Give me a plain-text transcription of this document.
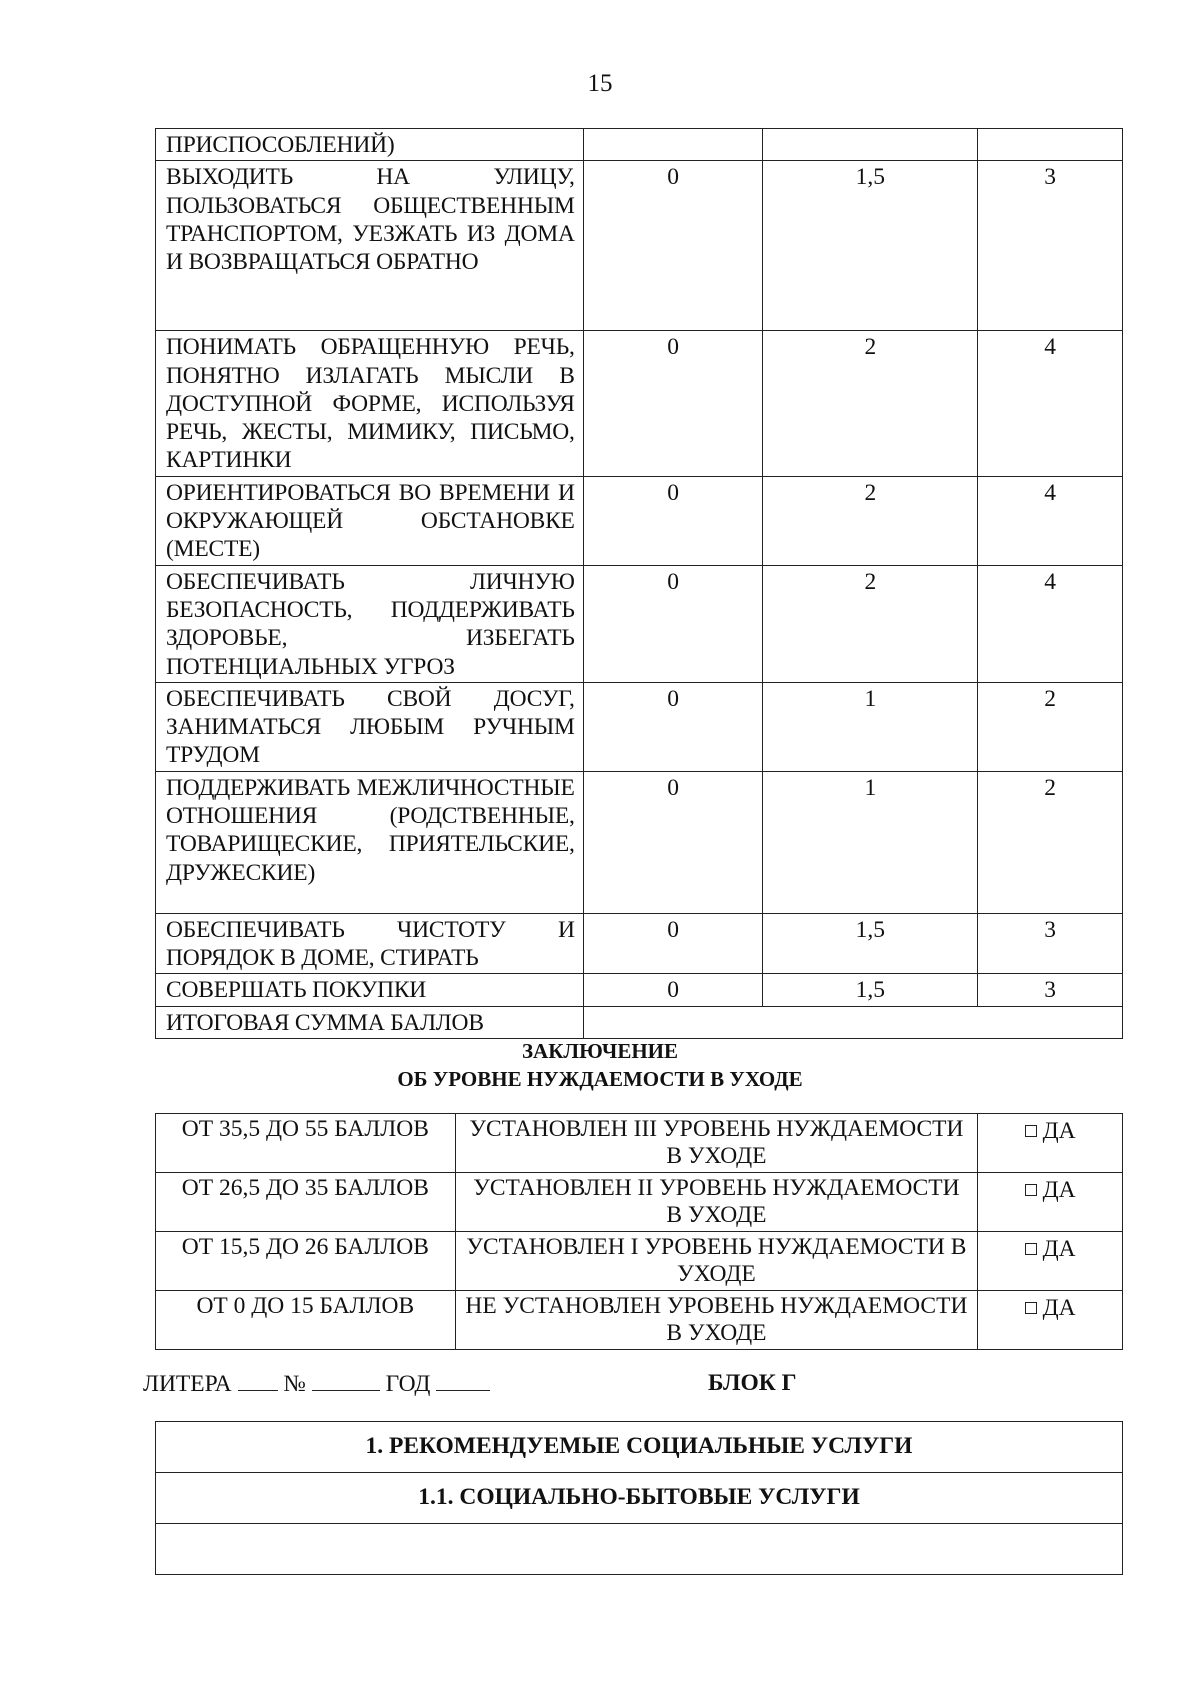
15
ПРИСПОСОБЛЕНИЙ)			
ВЫХОДИТЬ НА УЛИЦУ, ПОЛЬЗОВАТЬСЯ ОБЩЕСТВЕННЫМ ТРАНСПОРТОМ, УЕЗЖАТЬ ИЗ ДОМА И ВОЗВРАЩАТЬСЯ ОБРАТНО	0	1,5	3
ПОНИМАТЬ ОБРАЩЕННУЮ РЕЧЬ, ПОНЯТНО ИЗЛАГАТЬ МЫСЛИ В ДОСТУПНОЙ ФОРМЕ, ИСПОЛЬЗУЯ РЕЧЬ, ЖЕСТЫ, МИМИКУ, ПИСЬМО, КАРТИНКИ	0	2	4
ОРИЕНТИРОВАТЬСЯ ВО ВРЕМЕНИ И ОКРУЖАЮЩЕЙ ОБСТАНОВКЕ (МЕСТЕ)	0	2	4
ОБЕСПЕЧИВАТЬ ЛИЧНУЮ БЕЗОПАСНОСТЬ, ПОДДЕРЖИВАТЬ ЗДОРОВЬЕ, ИЗБЕГАТЬ ПОТЕНЦИАЛЬНЫХ УГРОЗ	0	2	4
ОБЕСПЕЧИВАТЬ СВОЙ ДОСУГ, ЗАНИМАТЬСЯ ЛЮБЫМ РУЧНЫМ ТРУДОМ	0	1	2
ПОДДЕРЖИВАТЬ МЕЖЛИЧНОСТНЫЕ ОТНОШЕНИЯ (РОДСТВЕННЫЕ, ТОВАРИЩЕСКИЕ, ПРИЯТЕЛЬСКИЕ, ДРУЖЕСКИЕ)	0	1	2
ОБЕСПЕЧИВАТЬ ЧИСТОТУ И ПОРЯДОК В ДОМЕ, СТИРАТЬ	0	1,5	3
СОВЕРШАТЬ ПОКУПКИ	0	1,5	3
ИТОГОВАЯ СУММА БАЛЛОВ			
ЗАКЛЮЧЕНИЕ
ОБ УРОВНЕ НУЖДАЕМОСТИ В УХОДЕ
ОТ 35,5 ДО 55 БАЛЛОВ	УСТАНОВЛЕН III УРОВЕНЬ НУЖДАЕМОСТИ В УХОДЕ	ДА
ОТ 26,5 ДО 35 БАЛЛОВ	УСТАНОВЛЕН II УРОВЕНЬ НУЖДАЕМОСТИ В УХОДЕ	ДА
ОТ 15,5 ДО 26 БАЛЛОВ	УСТАНОВЛЕН I УРОВЕНЬ НУЖДАЕМОСТИ В УХОДЕ	ДА
ОТ 0 ДО 15 БАЛЛОВ	НЕ УСТАНОВЛЕН УРОВЕНЬ НУЖДАЕМОСТИ В УХОДЕ	ДА
ЛИТЕРА №	ГОД	БЛОК Г
1. РЕКОМЕНДУЕМЫЕ СОЦИАЛЬНЫЕ УСЛУГИ
1.1. СОЦИАЛЬНО-БЫТОВЫЕ УСЛУГИ
